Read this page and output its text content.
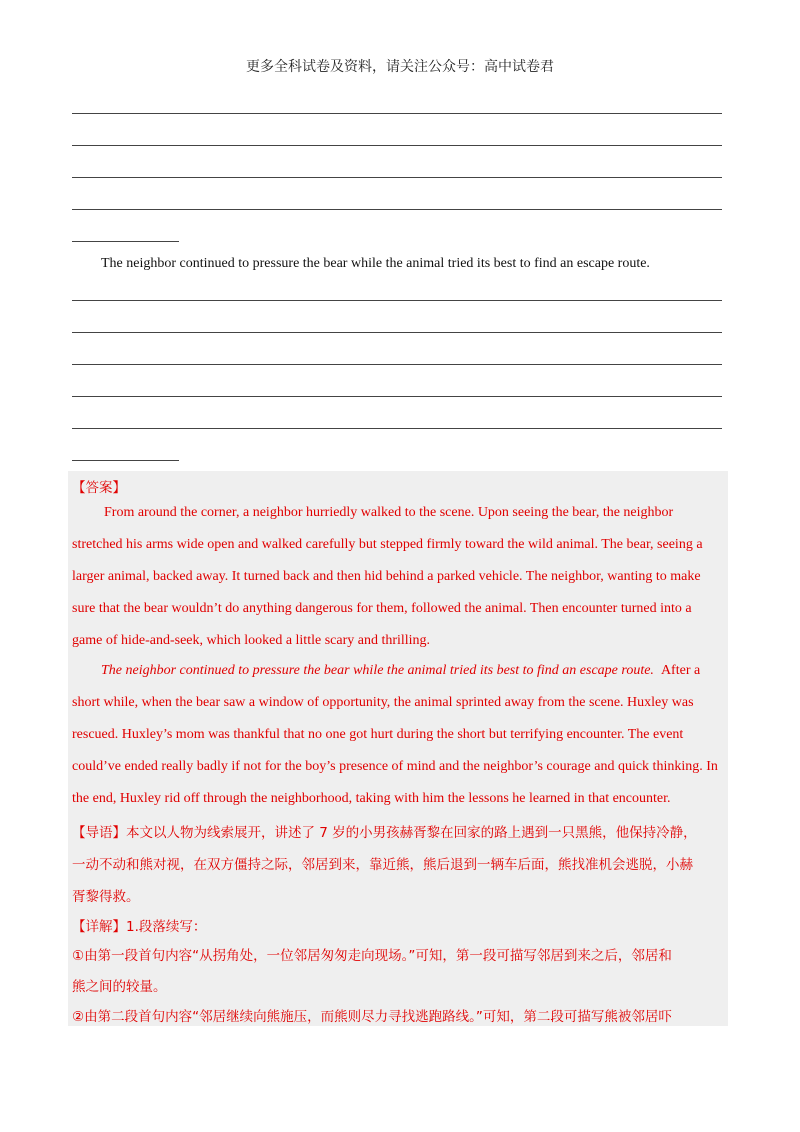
更多全科试卷及资料，请关注公众号：高中试卷君
The neighbor continued to pressure the bear while the animal tried its best to find an escape route.
【答案】
From around the corner, a neighbor hurriedly walked to the scene. Upon seeing the bear, the neighbor
stretched his arms wide open and walked carefully but stepped firmly toward the wild animal. The bear, seeing a
larger animal, backed away. It turned back and then hid behind a parked vehicle. The neighbor, wanting to make
sure that the bear wouldn’t do anything dangerous for them, followed the animal. Then encounter turned into a
game of hide-and-seek, which looked a little scary and thrilling.
The neighbor continued to pressure the bear while the animal tried its best to find an escape route. After a
short while, when the bear saw a window of opportunity, the animal sprinted away from the scene. Huxley was
rescued. Huxley’s mom was thankful that no one got hurt during the short but terrifying encounter. The event
could’ve ended really badly if not for the boy’s presence of mind and the neighbor’s courage and quick thinking. In
the end, Huxley rid off through the neighborhood, taking with him the lessons he learned in that encounter.
【导语】本文以人物为线索展开，讲述了 7 岁的小男孩赫胥黎在回家的路上遇到一只黑熊，他保持冷静，
一动不动和熊对视，在双方僵持之际，邻居到来，靠近熊，熊后退到一辆车后面，熊找准机会逃脱，小赫
胥黎得救。
【详解】1.段落续写：
①由第一段首句内容“从拐角处，一位邻居匆匆走向现场。”可知，第一段可描写邻居到来之后，邻居和
熊之间的较量。
②由第二段首句内容“邻居继续向熊施压，而熊则尽力寻找逃跑路线。”可知，第二段可描写熊被邻居吓
